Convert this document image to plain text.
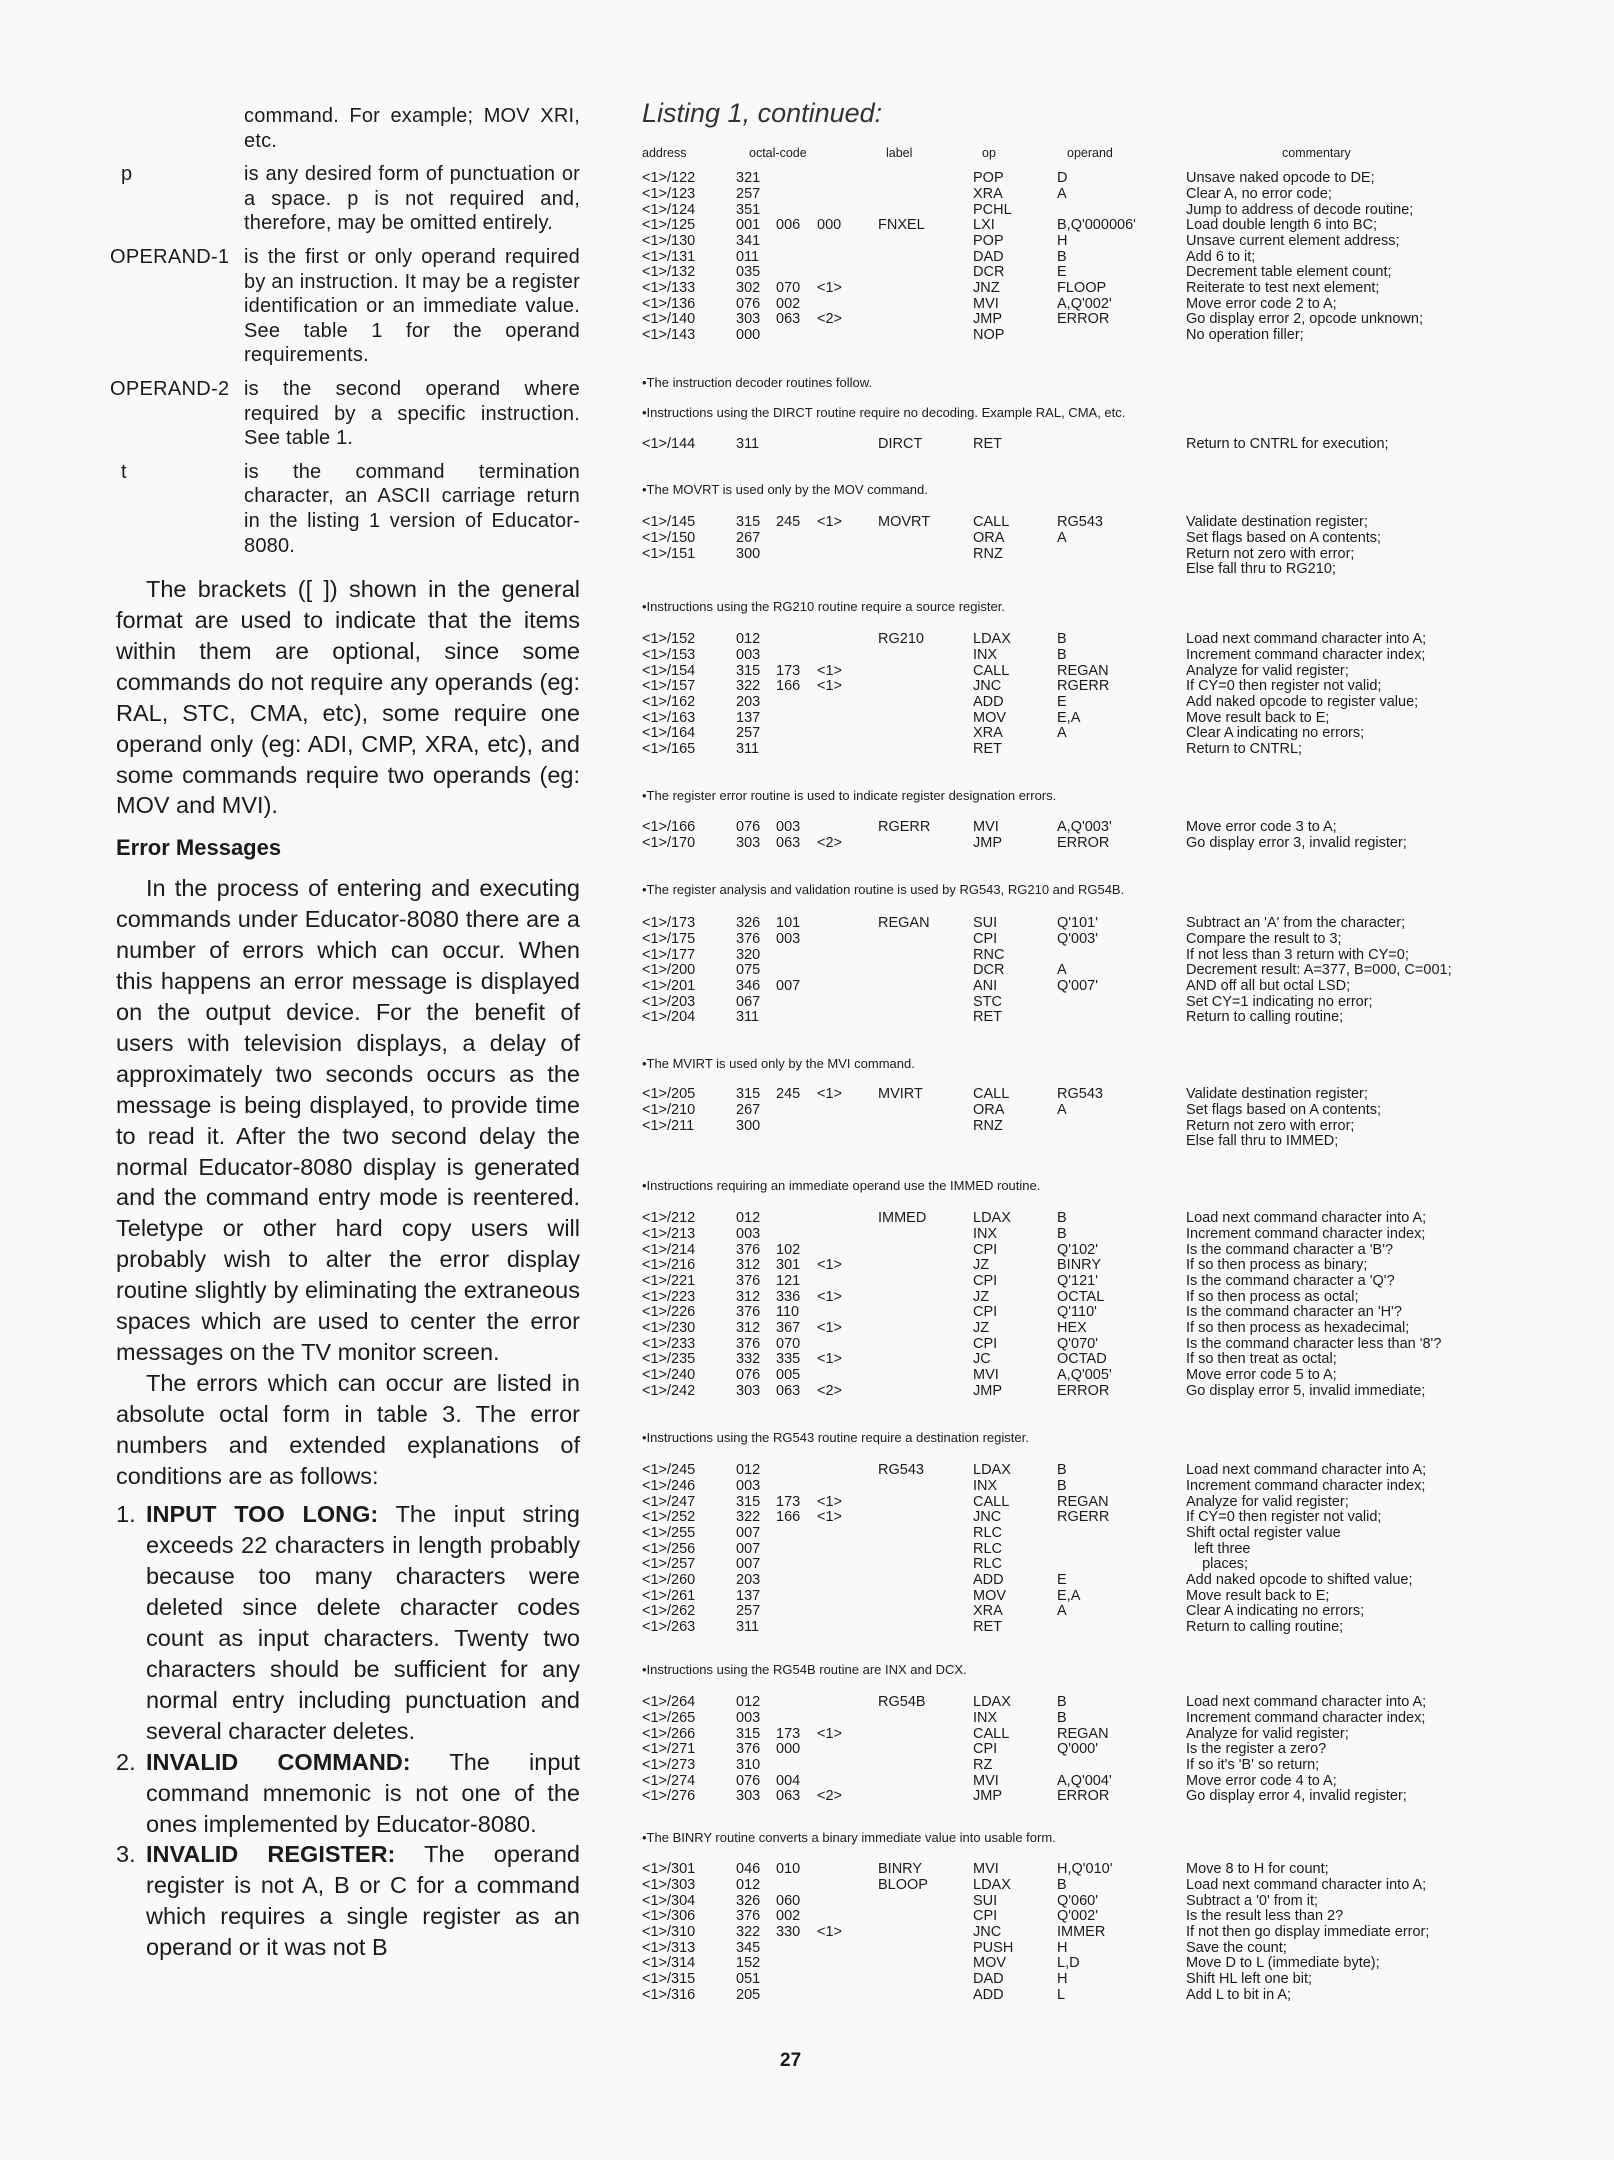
command. For example; MOV XRI, etc.
p	is any desired form of punctuation or a space. p is not required and, therefore, may be omitted entirely.
OPERAND-1 is the first or only operand required by an instruction. It may be a register identification or an immediate value. See table 1 for the operand requirements.
OPERAND-2 is the second operand where required by a specific instruction. See table 1.
t	is the command termination character, an ASCII carriage return in the listing 1 version of Educator-8080.
The brackets ([ ]) shown in the general format are used to indicate that the items within them are optional, since some commands do not require any operands (eg: RAL, STC, CMA, etc), some require one operand only (eg: ADI, CMP, XRA, etc), and some commands require two operands (eg: MOV and MVI).
Error Messages
In the process of entering and executing commands under Educator-8080 there are a number of errors which can occur. When this happens an error message is displayed on the output device. For the benefit of users with television displays, a delay of approximately two seconds occurs as the message is being displayed, to provide time to read it. After the two second delay the normal Educator-8080 display is generated and the command entry mode is reentered. Teletype or other hard copy users will probably wish to alter the error display routine slightly by eliminating the extraneous spaces which are used to center the error messages on the TV monitor screen.
The errors which can occur are listed in absolute octal form in table 3. The error numbers and extended explanations of conditions are as follows:
1. INPUT TOO LONG: The input string exceeds 22 characters in length probably because too many characters were deleted since delete character codes count as input characters. Twenty two characters should be sufficient for any normal entry including punctuation and several character deletes.
2. INVALID COMMAND: The input command mnemonic is not one of the ones implemented by Educator-8080.
3. INVALID REGISTER: The operand register is not A, B or C for a command which requires a single register as an operand or it was not B
Listing 1, continued:
address	octal-code	label	op	operand	commentary
<1>/122	321	POP	D	Unsave naked opcode to DE;
<1>/123	257	XRA	A	Clear A, no error code;
<1>/124	351	PCHL	Jump to address of decode routine;
<1>/125	001 006 000	FNXEL	LXI	B,Q'000006'	Load double length 6 into BC;
<1>/130	341	POP	H	Unsave current element address;
<1>/131	011	DAD	B	Add 6 to it;
<1>/132	035	DCR	E	Decrement table element count;
<1>/133	302 070 <1>	JNZ	FLOOP	Reiterate to test next element;
<1>/136	076 002	MVI	A,Q'002'	Move error code 2 to A;
<1>/140	303 063 <2>	JMP	ERROR	Go display error 2, opcode unknown;
<1>/143	000	NOP	No operation filler;
•The instruction decoder routines follow.
•Instructions using the DIRCT routine require no decoding. Example RAL, CMA, etc.
<1>/144	311	DIRCT	RET	Return to CNTRL for execution;
•The MOVRT is used only by the MOV command.
<1>/145	315 245 <1> MOVRT	CALL	RG543	Validate destination register;
<1>/150	267	ORA	A	Set flags based on A contents;
<1>/151	300	RNZ	Return not zero with error;
Else fall thru to RG210;
•Instructions using the RG210 routine require a source register.
<1>/152	012	RG210	LDAX	B	Load next command character into A;
<1>/153	003	INX	B	Increment command character index;
<1>/154	315 173 <1>	CALL	REGAN	Analyze for valid register;
<1>/157	322 166 <1>	JNC	RGERR	If CY=0 then register not valid;
<1>/162	203	ADD	E	Add naked opcode to register value;
<1>/163	137	MOV	E,A	Move result back to E;
<1>/164	257	XRA	A	Clear A indicating no errors;
<1>/165	311	RET	Return to CNTRL;
•The register error routine is used to indicate register designation errors.
<1>/166	076 003	RGERR	MVI	A,Q'003'	Move error code 3 to A;
<1>/170	303 063 <2>	JMP	ERROR	Go display error 3, invalid register;
•The register analysis and validation routine is used by RG543, RG210 and RG54B.
<1>/173	326 101	REGAN	SUI	Q'101'	Subtract an 'A' from the character;
<1>/175	376 003	CPI	Q'003'	Compare the result to 3;
<1>/177	320	RNC	If not less than 3 return with CY=0;
<1>/200	075	DCR	A	Decrement result: A=377, B=000, C=001;
<1>/201	346 007	ANI	Q'007'	AND off all but octal LSD;
<1>/203	067	STC	Set CY=1 indicating no error;
<1>/204	311	RET	Return to calling routine;
•The MVIRT is used only by the MVI command.
<1>/205	315 245 <1> MVIRT	CALL	RG543	Validate destination register;
<1>/210	267	ORA	A	Set flags based on A contents;
<1>/211	300	RNZ	Return not zero with error;
Else fall thru to IMMED;
•Instructions requiring an immediate operand use the IMMED routine.
<1>/212	012	IMMED	LDAX	B	Load next command character into A;
<1>/213	003	INX	B	Increment command character index;
<1>/214	376 102	CPI	Q'102'	Is the command character a 'B'?
<1>/216	312 301 <1>	JZ	BINRY	If so then process as binary;
<1>/221	376 121	CPI	Q'121'	Is the command character a 'Q'?
<1>/223	312 336 <1>	JZ	OCTAL	If so then process as octal;
<1>/226	376 110	CPI	Q'110'	Is the command character an 'H'?
<1>/230	312 367 <1>	JZ	HEX	If so then process as hexadecimal;
<1>/233	376 070	CPI	Q'070'	Is the command character less than '8'?
<1>/235	332 335 <1>	JC	OCTAD	If so then treat as octal;
<1>/240	076 005	MVI	A,Q'005'	Move error code 5 to A;
<1>/242	303 063 <2>	JMP	ERROR	Go display error 5, invalid immediate;
•Instructions using the RG543 routine require a destination register.
<1>/245	012	RG543	LDAX	B	Load next command character into A;
<1>/246	003	INX	B	Increment command character index;
<1>/247	315 173 <1>	CALL	REGAN	Analyze for valid register;
<1>/252	322 166 <1>	JNC	RGERR	If CY=0 then register not valid;
<1>/255	007	RLC	Shift octal register value
<1>/256	007	RLC	left three
<1>/257	007	RLC	places;
<1>/260	203	ADD	E	Add naked opcode to shifted value;
<1>/261	137	MOV	E,A	Move result back to E;
<1>/262	257	XRA	A	Clear A indicating no errors;
<1>/263	311	RET	Return to calling routine;
•Instructions using the RG54B routine are INX and DCX.
<1>/264	012	RG54B	LDAX	B	Load next command character into A;
<1>/265	003	INX	B	Increment command character index;
<1>/266	315 173 <1>	CALL	REGAN	Analyze for valid register;
<1>/271	376 000	CPI	Q'000'	Is the register a zero?
<1>/273	310	RZ	If so it's 'B' so return;
<1>/274	076 004	MVI	A,Q'004'	Move error code 4 to A;
<1>/276	303 063 <2>	JMP	ERROR	Go display error 4, invalid register;
•The BINRY routine converts a binary immediate value into usable form.
<1>/301	046 010	BINRY	MVI	H,Q'010'	Move 8 to H for count;
<1>/303	012	BLOOP	LDAX	B	Load next command character into A;
<1>/304	326 060	SUI	Q'060'	Subtract a '0' from it;
<1>/306	376 002	CPI	Q'002'	Is the result less than 2?
<1>/310	322 330 <1>	JNC	IMMER	If not then go display immediate error;
<1>/313	345	PUSH	H	Save the count;
<1>/314	152	MOV	L,D	Move D to L (immediate byte);
<1>/315	051	DAD	H	Shift HL left one bit;
<1>/316	205	ADD	L	Add L to bit in A;
27
